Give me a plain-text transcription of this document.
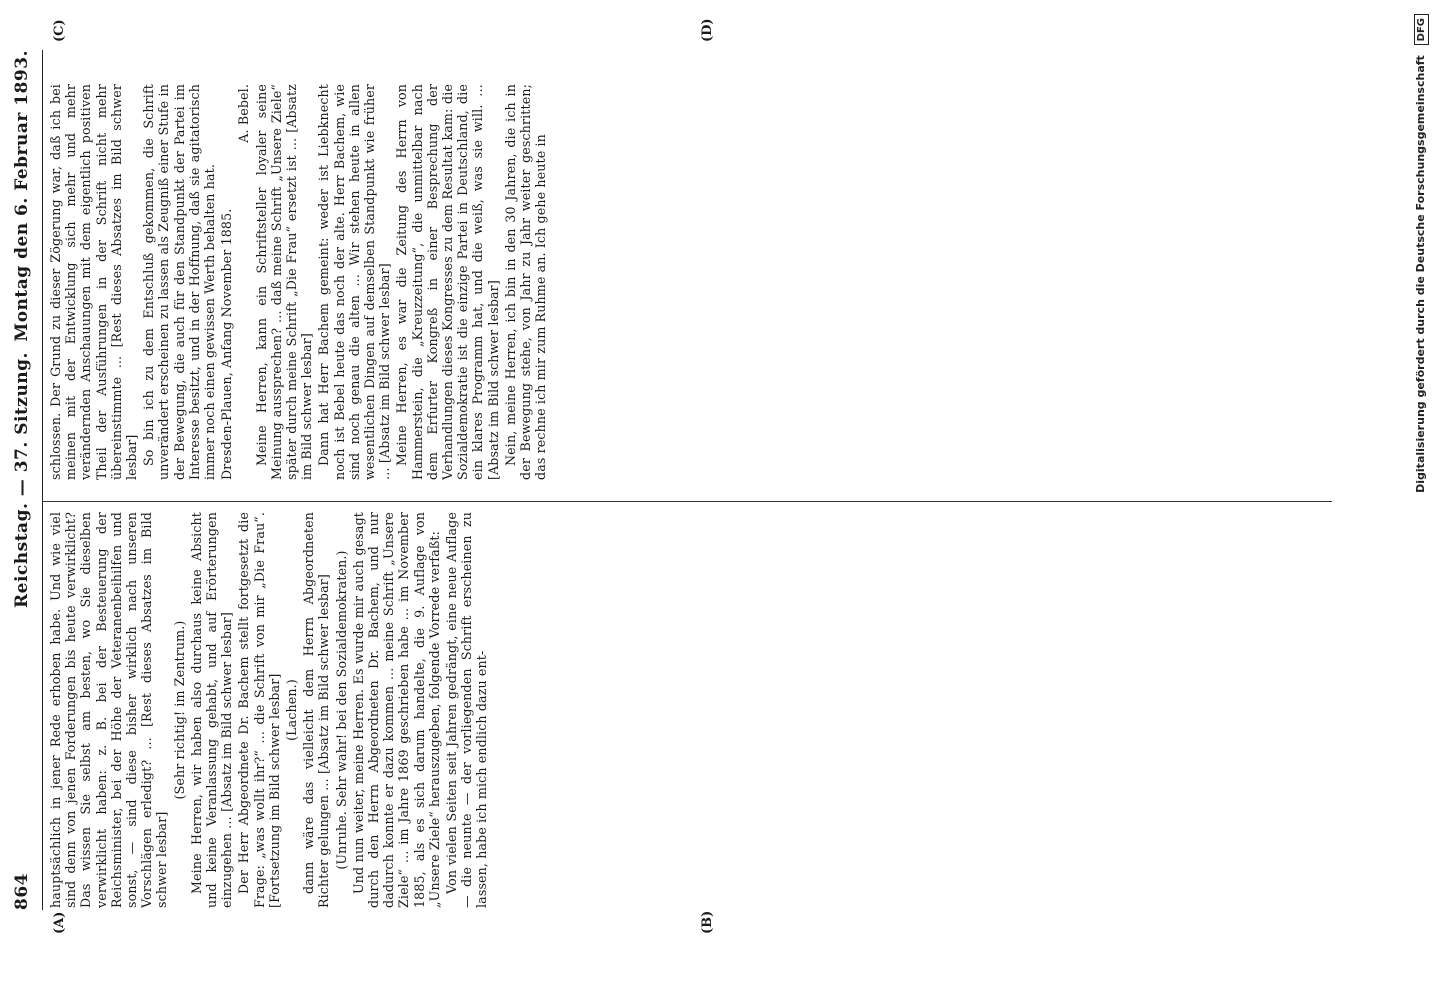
864
Reichstag. — 37. Sitzung.
Montag den 6. Februar 1893.
(A)	(B)
(C)	(D)

hauptsächlich in jener Rede erhoben habe. Und wie viel sind denn von jenen Forderungen bis heute verwirklicht? Das wissen Sie selbst am besten, wo Sie dieselben verwirklicht haben: z. B. bei der Besteuerung der Reichsminister, bei der Höhe der Veteranenbeihilfen und sonst, — sind diese bisher wirklich nach unseren Vorschlägen erledigt? … [Rest dieses Absatzes im Bild schwer lesbar]

(Sehr richtig! im Zentrum.) Meine Herren, wir haben also durchaus keine Absicht und keine Veranlassung gehabt, und auf Erörterungen einzugehen … [Absatz im Bild schwer lesbar] Der Herr Abgeordnete Dr. Bachem stellt fortgesetzt die Frage: „was wollt ihr?“ … die Schrift von mir „Die Frau“. [Fortsetzung im Bild schwer lesbar] (Lachen.) dann wäre das vielleicht dem Herrn Abgeordneten Richter gelungen … [Absatz im Bild schwer lesbar] (Unruhe. Sehr wahr! bei den Sozialdemokraten.) Und nun weiter, meine Herren. Es wurde mir auch gesagt durch den Herrn Abgeordneten Dr. Bachem, und nur dadurch konnte er dazu kommen … meine Schrift „Unsere Ziele“ … im Jahre 1869 geschrieben habe … im November 1885, als es sich darum handelte, die 9. Auflage von „Unsere Ziele“ herauszugeben, folgende Vorrede verfaßt: Von vielen Seiten seit Jahren gedrängt, eine neue Auflage — die neunte — der vorliegenden Schrift erscheinen zu lassen, habe ich mich endlich dazu ent-

schlossen. Der Grund zu dieser Zögerung war, daß ich bei meinen mit der Entwicklung sich mehr und mehr verändernden Anschauungen mit dem eigentlich positiven Theil der Ausführungen in der Schrift nicht mehr übereinstimmte … [Rest dieses Absatzes im Bild schwer lesbar] So bin ich zu dem Entschluß gekommen, die Schrift unverändert erscheinen zu lassen als Zeugniß einer Stufe in der Bewegung, die auch für den Standpunkt der Partei im Interesse besitzt, und in der Hoffnung, daß sie agitatorisch immer noch einen gewissen Werth behalten hat. Dresden-Plauen, Anfang November 1885.

A. Bebel. Meine Herren, kann ein Schriftsteller loyaler seine Meinung aussprechen? … daß meine Schrift „Unsere Ziele“ später durch meine Schrift „Die Frau“ ersetzt ist … [Absatz im Bild schwer lesbar] Dann hat Herr Bachem gemeint: weder ist Liebknecht noch ist Bebel heute das noch der alte. Herr Bachem, wie sind noch genau die alten … Wir stehen heute in allen wesentlichen Dingen auf demselben Standpunkt wie früher … [Absatz im Bild schwer lesbar] Meine Herren, es war die Zeitung des Herrn von Hammerstein, die „Kreuzzeitung“, die unmittelbar nach dem Erfurter Kongreß in einer Besprechung der Verhandlungen dieses Kongresses zu dem Resultat kam: die Sozialdemokratie ist die einzige Partei in Deutschland, die ein klares Programm hat, und die weiß, was sie will. … [Absatz im Bild schwer lesbar] Nein, meine Herren, ich bin in den 30 Jahren, die ich in der Bewegung stehe, von Jahr zu Jahr weiter geschritten; das rechne ich mir zum Ruhme an. Ich gehe heute in	Digitalisierung gefördert durch die Deutsche Forschungsgemeinschaft DFG
